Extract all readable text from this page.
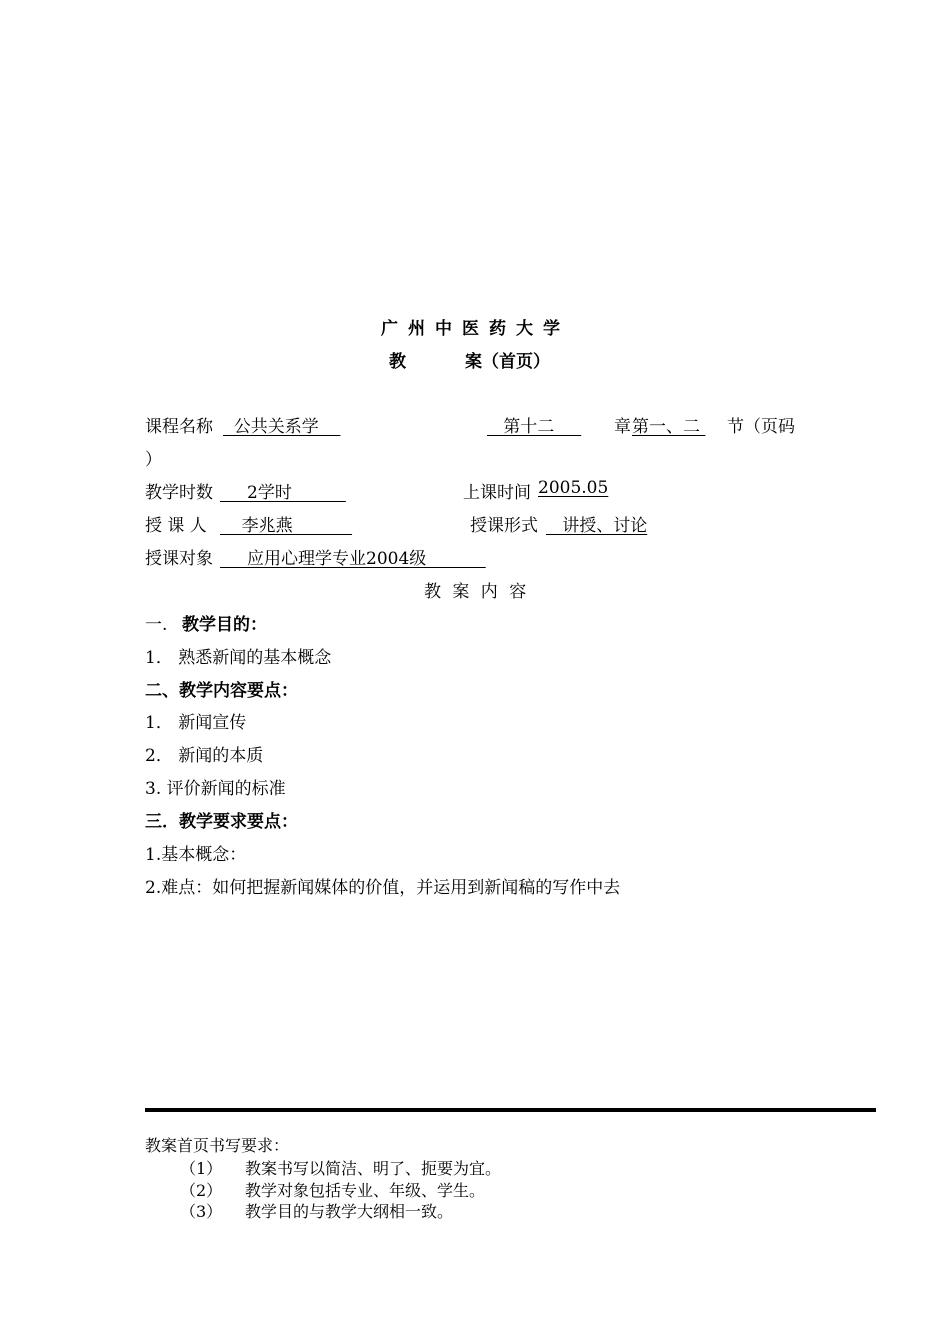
广州中医药大学
教	案（首页）
课程名称 公共关系学	第十二 章 第一、二 节（页码
）
教学时数 2学时	上课时间 2005.05
授 课 人 李兆燕	授课形式 讲授、讨论
授课对象 应用心理学专业2004级
教 案 内 容
一. 教学目的：
1． 熟悉新闻的基本概念
二、教学内容要点：
1． 新闻宣传
2． 新闻的本质
3. 评价新闻的标准
三．教学要求要点：
1.基本概念：
2.难点：如何把握新闻媒体的价值，并运用到新闻稿的写作中去
教案首页书写要求：
（1） 教案书写以简洁、明了、扼要为宜。
（2） 教学对象包括专业、年级、学生。
（3） 教学目的与教学大纲相一致。
